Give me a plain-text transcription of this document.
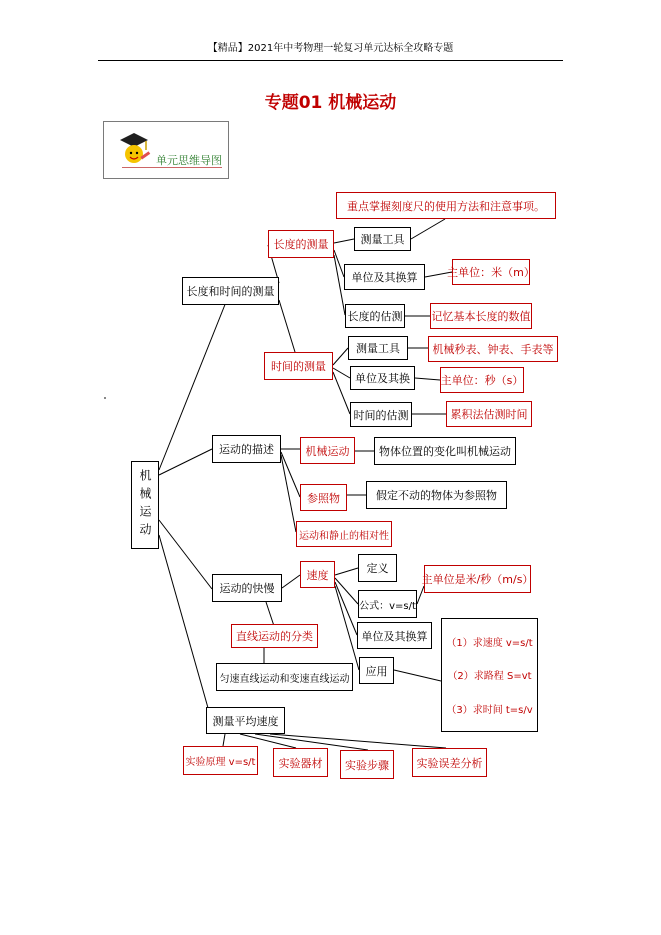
【精品】2021年中考物理一轮复习单元达标全攻略专题
专题01 机械运动
单元思维导图
机械运动
长度和时间的测量
长度的测量
重点掌握刻度尺的使用方法和注意事项。
测量工具
单位及其换算	主单位：米（m）
长度的估测	记忆基本长度的数值
时间的测量
测量工具	机械秒表、钟表、手表等
单位及其换	主单位：秒（s）
时间的估测	累积法估测时间
运动的描述	机械运动	物体位置的变化叫机械运动
参照物	假定不动的物体为参照物
运动和静止的相对性
运动的快慢
速度	定义
公式：v=s/t
主单位是米/秒（m/s）
单位及其换算
应用
（1）求速度 v=s/t
（2）求路程 S=vt
（3）求时间 t=s/v
直线运动的分类
匀速直线运动和变速直线运动
测量平均速度
实验原理 v=s/t	实验器材	实验步骤	实验误差分析
